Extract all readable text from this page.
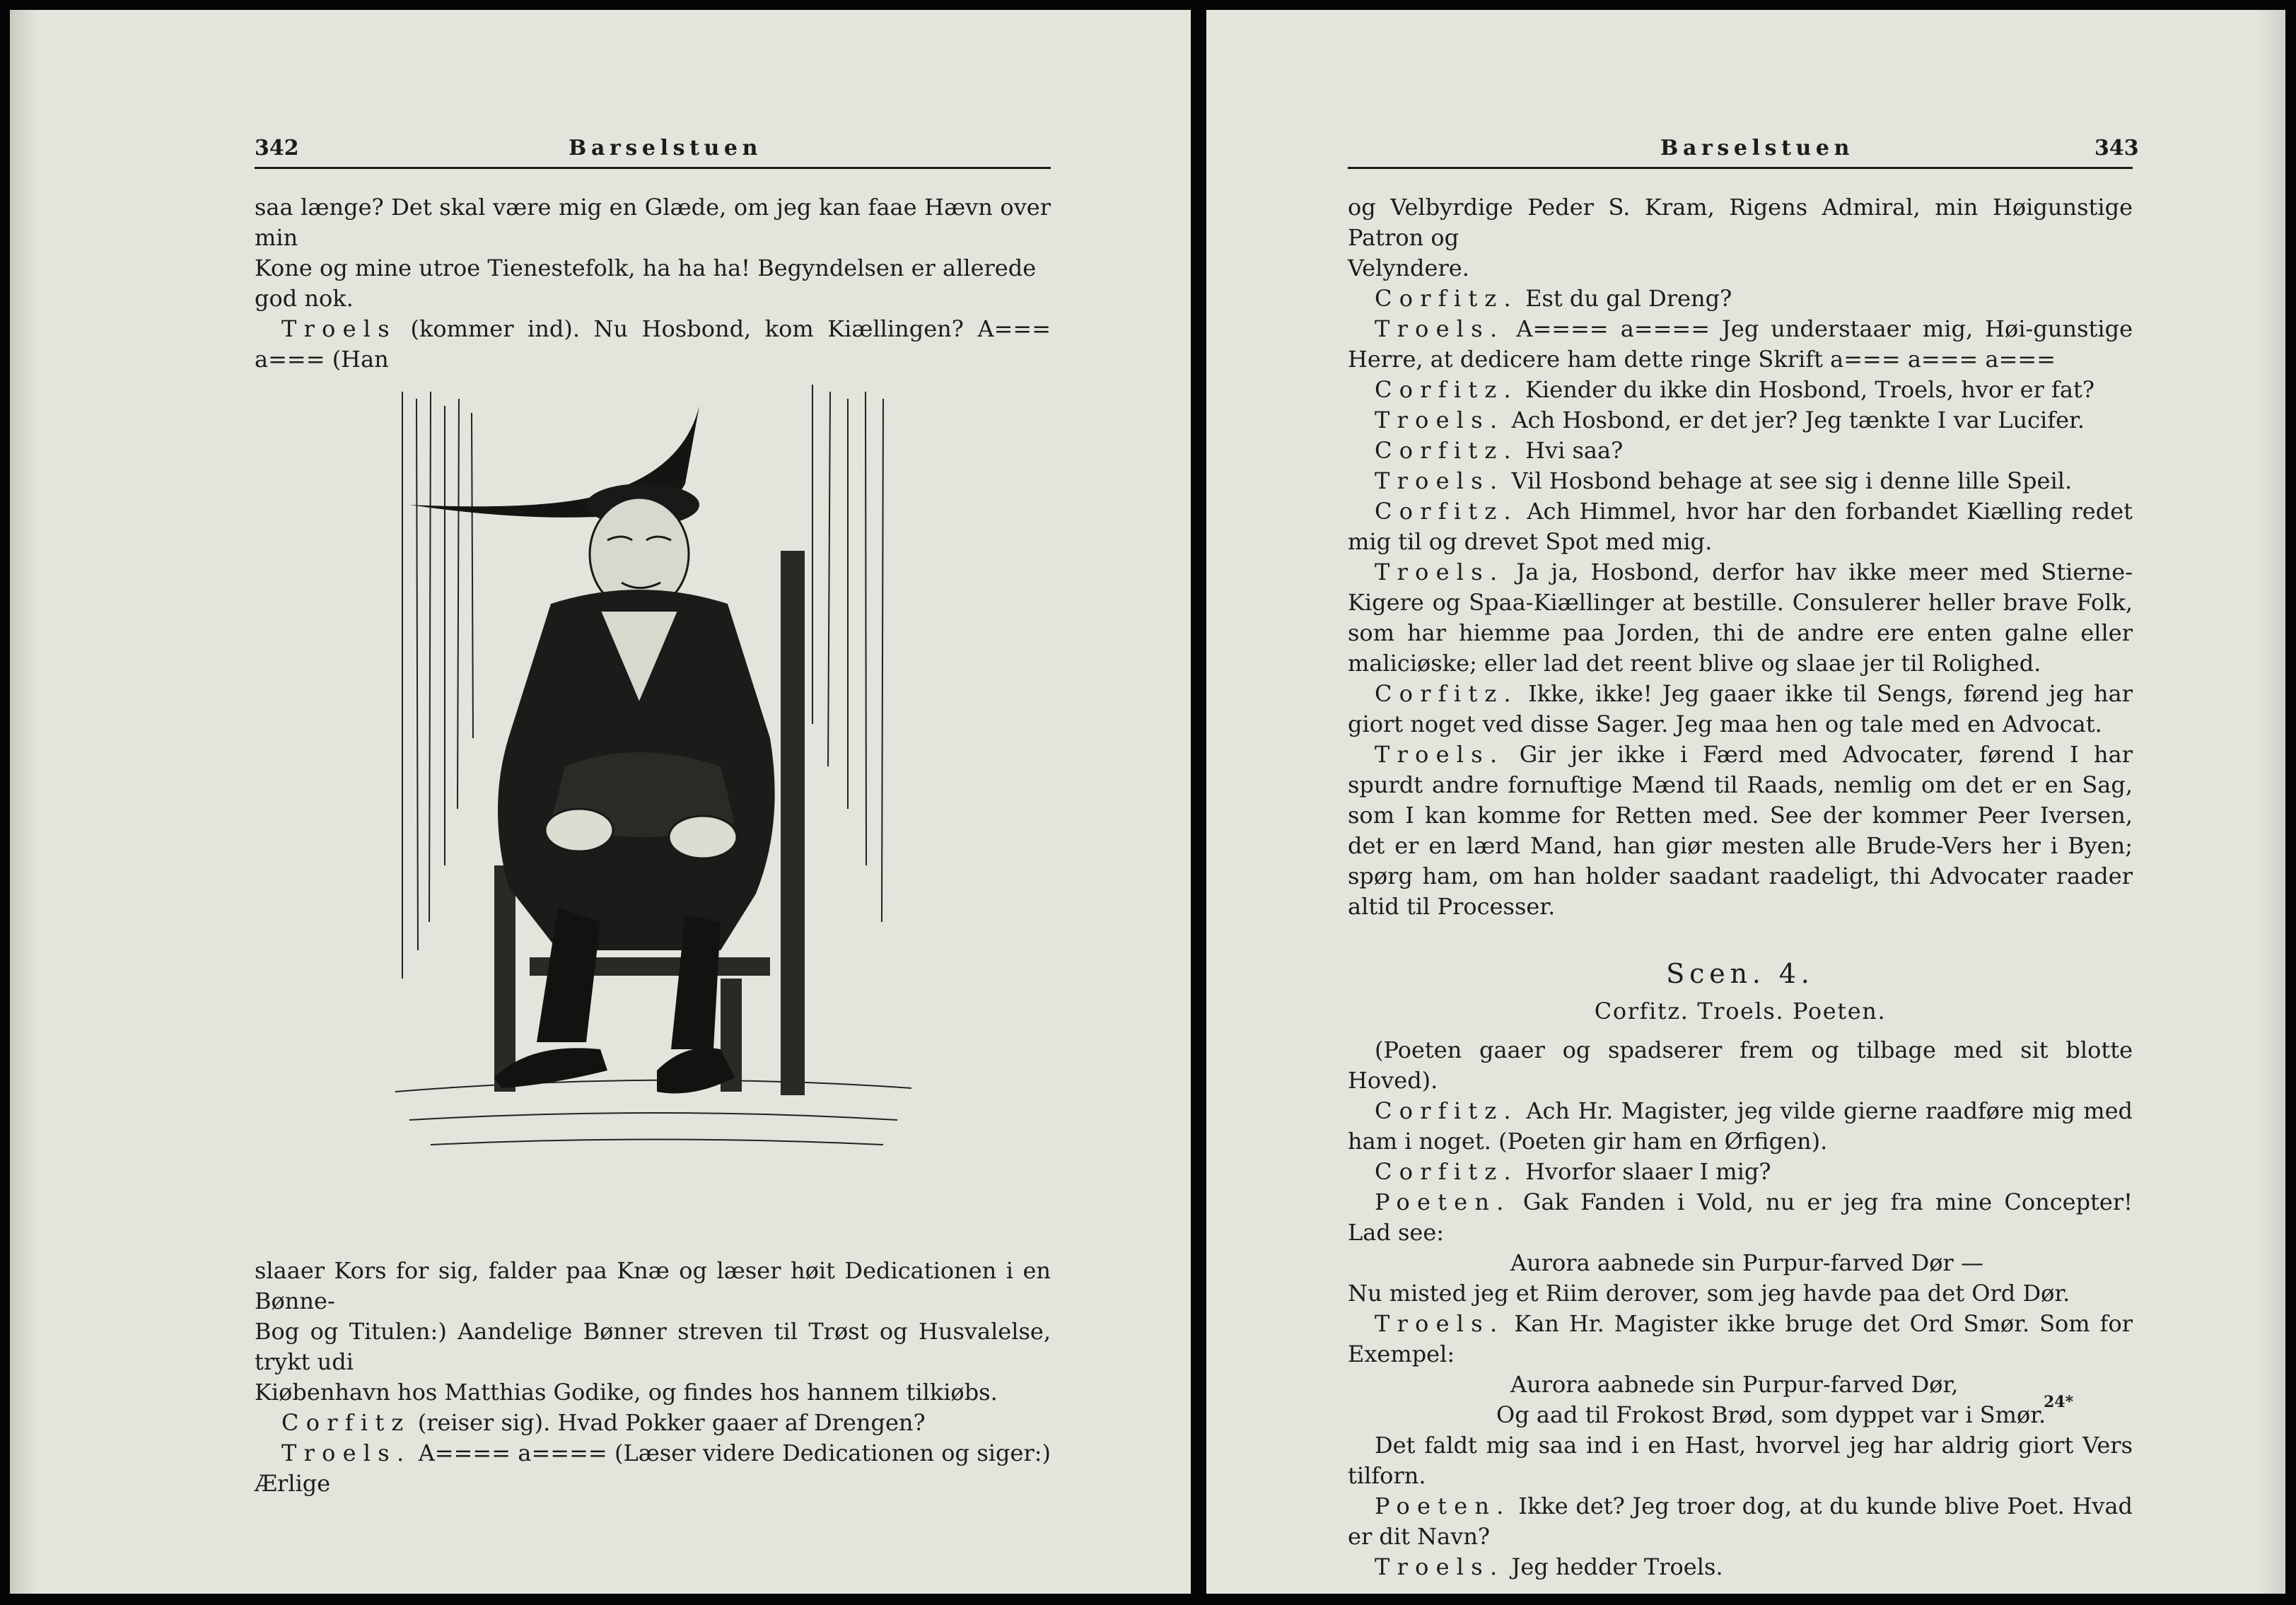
342	Barselstuen

saa længe? Det skal være mig en Glæde, om jeg kan faae Hævn over min

Kone og mine utroe Tienestefolk, ha ha ha! Begyndelsen er allerede

god nok.

Troels (kommer ind). Nu Hosbond, kom Kiællingen? A=== a=== (Han

slaaer Kors for sig, falder paa Knæ og læser høit Dedicationen i en Bønne-

Bog og Titulen:) Aandelige Bønner streven til Trøst og Husvalelse, trykt udi

Kiøbenhavn hos Matthias Godike, og findes hos hannem tilkiøbs.

Corfitz (reiser sig). Hvad Pokker gaaer af Drengen?

Troels. A==== a==== (Læser videre Dedicationen og siger:) Ærlige

Barselstuen	343

og Velbyrdige Peder S. Kram, Rigens Admiral, min Høigunstige Patron og

Velyndere.

Corfitz. Est du gal Dreng?

Troels. A==== a==== Jeg understaaer mig, Høi-gunstige Herre, at dedicere ham dette ringe Skrift a=== a=== a===

Corfitz. Kiender du ikke din Hosbond, Troels, hvor er fat?

Troels. Ach Hosbond, er det jer? Jeg tænkte I var Lucifer.

Corfitz. Hvi saa?

Troels. Vil Hosbond behage at see sig i denne lille Speil.

Corfitz. Ach Himmel, hvor har den forbandet Kiælling redet mig til og drevet Spot med mig.

Troels. Ja ja, Hosbond, derfor hav ikke meer med Stierne-Kigere og Spaa-Kiællinger at bestille. Consulerer heller brave Folk, som har hiemme paa Jorden, thi de andre ere enten galne eller maliciøske; eller lad det reent blive og slaae jer til Rolighed.

Corfitz. Ikke, ikke! Jeg gaaer ikke til Sengs, førend jeg har giort noget ved disse Sager. Jeg maa hen og tale med en Advocat.

Troels. Gir jer ikke i Færd med Advocater, førend I har spurdt andre fornuftige Mænd til Raads, nemlig om det er en Sag, som I kan komme for Retten med. See der kommer Peer Iversen, det er en lærd Mand, han giør mesten alle Brude-Vers her i Byen; spørg ham, om han holder saadant raadeligt, thi Advocater raader altid til Processer.

Scen. 4.
Corfitz. Troels. Poeten.

(Poeten gaaer og spadserer frem og tilbage med sit blotte Hoved).

Corfitz. Ach Hr. Magister, jeg vilde gierne raadføre mig med ham i noget. (Poeten gir ham en Ørfigen).

Corfitz. Hvorfor slaaer I mig?

Poeten. Gak Fanden i Vold, nu er jeg fra mine Concepter! Lad see:

Aurora aabnede sin Purpur-farved Dør —

Nu misted jeg et Riim derover, som jeg havde paa det Ord Dør.

Troels. Kan Hr. Magister ikke bruge det Ord Smør. Som for Exempel:

Aurora aabnede sin Purpur-farved Dør,

Og aad til Frokost Brød, som dyppet var i Smør.

Det faldt mig saa ind i en Hast, hvorvel jeg har aldrig giort Vers tilforn.

Poeten. Ikke det? Jeg troer dog, at du kunde blive Poet. Hvad er dit Navn?

Troels. Jeg hedder Troels.

24*
